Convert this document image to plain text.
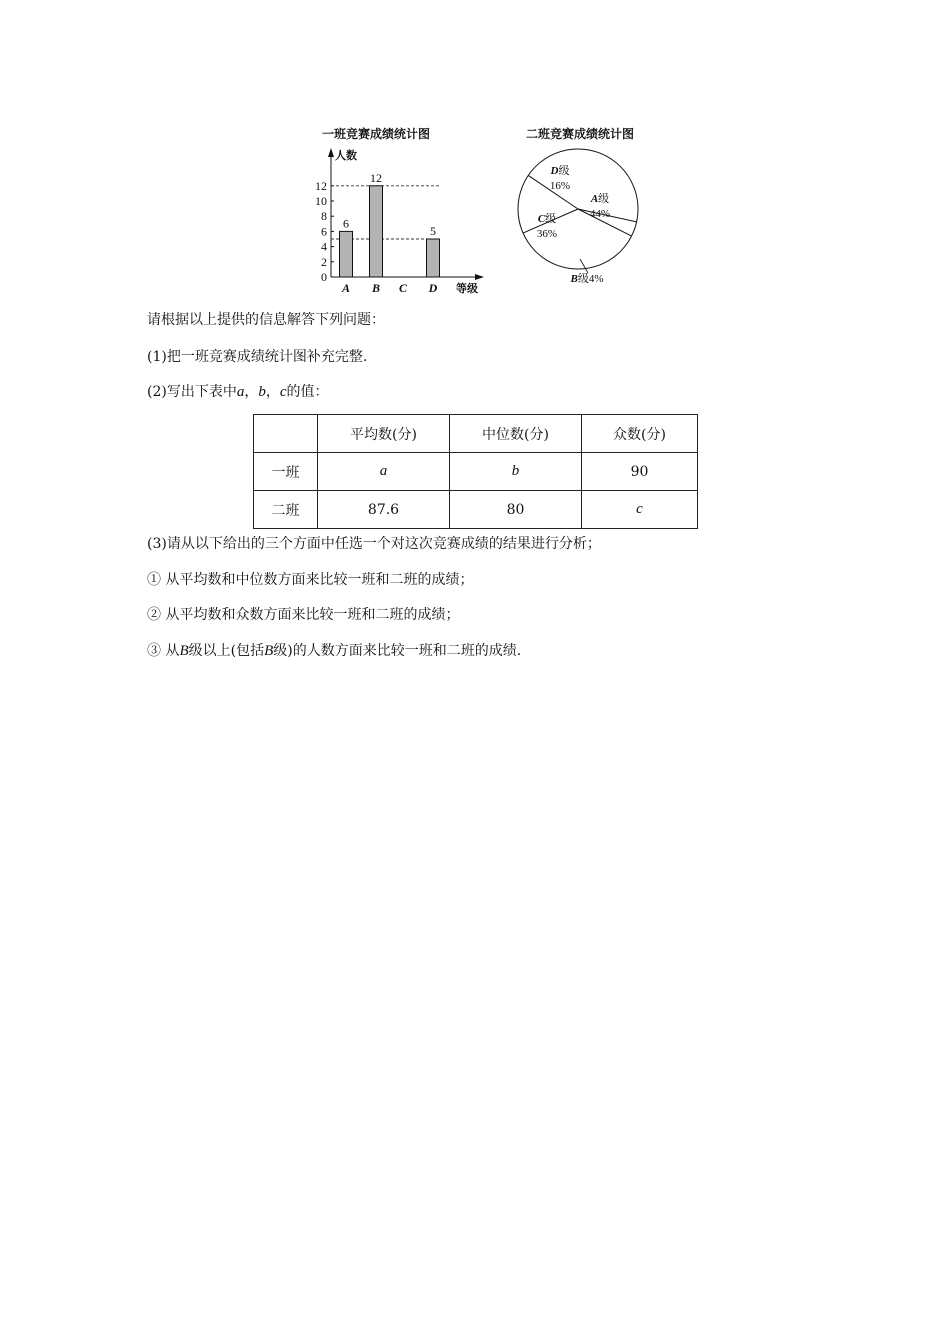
一班竞赛成绩统计图
人数
等级
0
2
4
6
8
10
12
6
A
12
B C
5
D
二班竞赛成绩统计图
A级
44%
B级4%
C级
36%
D级
16%
请根据以上提供的信息解答下列问题：
(1)把一班竞赛成绩统计图补充完整.
(2)写出下表中a，b，c的值：
	平均数(分)	中位数(分)	众数(分)
一班	a	b	90
二班	87.6	80	c
(3)请从以下给出的三个方面中任选一个对这次竞赛成绩的结果进行分析；
① 从平均数和中位数方面来比较一班和二班的成绩；
② 从平均数和众数方面来比较一班和二班的成绩；
③ 从B级以上(包括B级)的人数方面来比较一班和二班的成绩.
